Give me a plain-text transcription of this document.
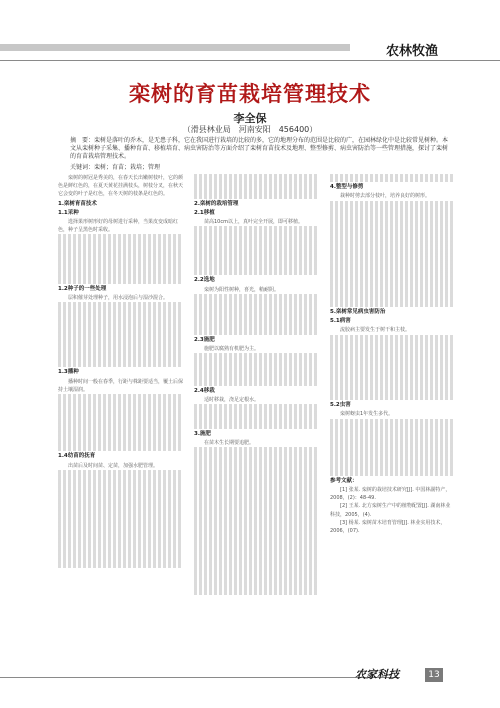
农林牧渔
栾树的育苗栽培管理技术
李全保
（滑县林业局　河南安阳　456400）
摘　要：栾树是落叶的乔木，是无患子科，它在我国进行栽培的比较的多，它的地理分布的范围是比较的广，在园林绿化中是比较常见树种。本文从栾树种子采集、播种育苗、移植培育、病虫害防治等方面介绍了栾树育苗技术及地理、整型修剪、病虫害防治等一些管理措施，探讨了栾树的育苗栽培管理技术。
关键词：栾树；育苗；栽培；管理

栾树的树冠是秀美的，在春天长出嫩树枝叶，它的颜色是鲜红色的，在夏天黄花挂满枝头，树枝分叉，在秋天它会变的叶子是红色，在冬天树的枝条是红色的。

1.栾树育苗技术
1.1采种

选择果形树形好的母树进行采种，当果皮变成暗红色，种子呈黑色时采收。

1.2种子的一些处理

层积催芽处理种子，用水浸泡后与湿沙混合。

1.3播种

播种时间一般在春季，行距与株距要适当，覆土后保持土壤湿润。

1.4幼苗的抚育

出苗后及时间苗、定苗，加强水肥管理。

2.栾树的栽培管理
2.1移植

苗高10cm以上，真叶完全开展，即可移植。

2.2选地

栾树为阳性树种，喜光，稍耐阴。

2.3施肥

施肥以腐熟有机肥为主。

2.4移栽

适时移栽，浇足定根水。

3.施肥

在苗木生长期要追肥。

4.整型与修剪

栽种时剪去部分枝叶，培养良好的树形。

5.栾树常见病虫害防治
5.1病害

流胶病主要发生于树干和主枝。

5.2虫害

栾树蚜虫1年发生多代。

参考文献：

[1] 张某. 栾树的栽培技术研究[J]. 中国林副特产，2008，(2)：48-49.

[2] 王某. 北方栾树生产中的植物配置[J]. 湖南林业科技，2005，(4).

[3] 杨某. 栾树苗木培育管理[J]. 林业实用技术，2006，(07).

农家科技	13
